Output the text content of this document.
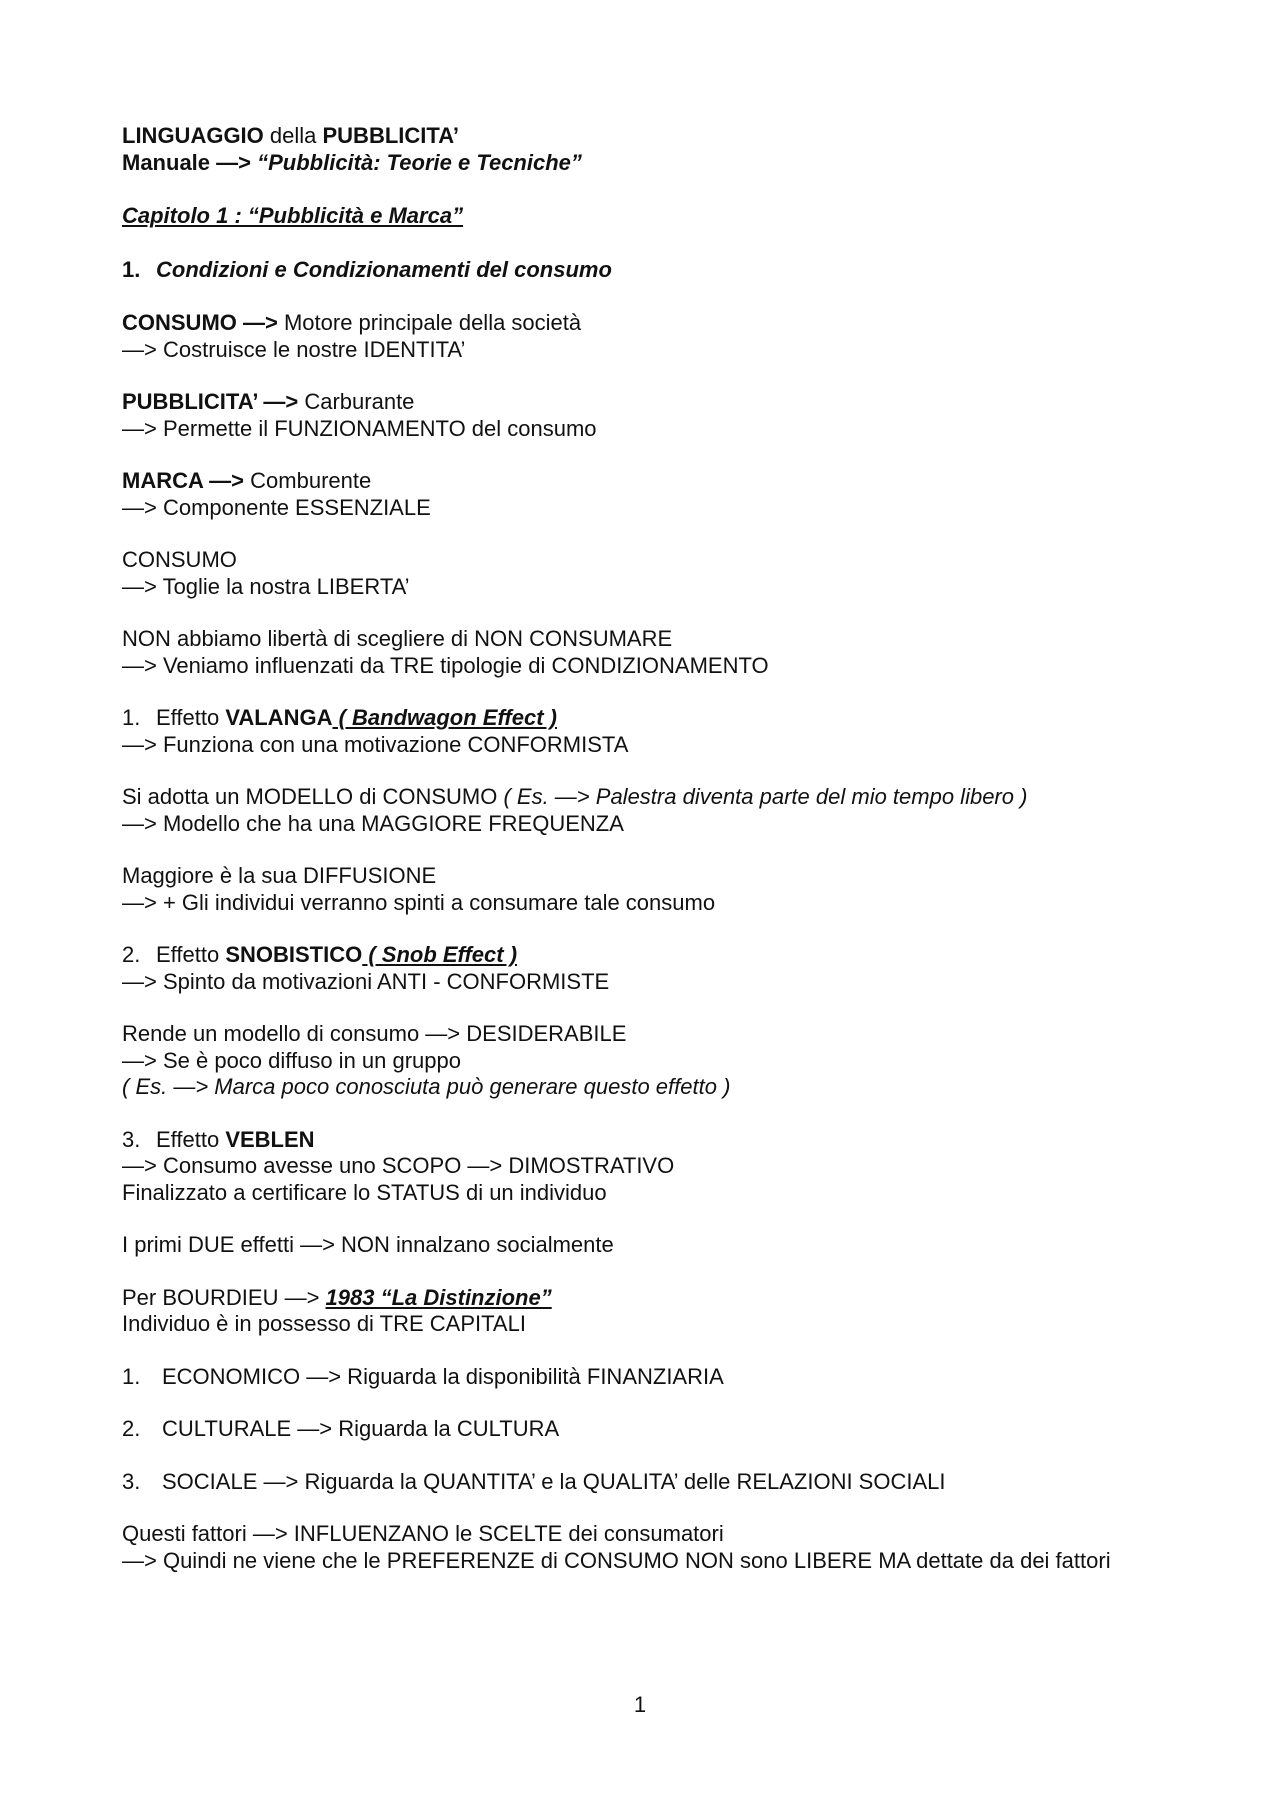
LINGUAGGIO della PUBBLICITA’
Manuale —> “Pubblicità: Teorie e Tecniche”
Capitolo 1 : “Pubblicità e Marca”
1. Condizioni e Condizionamenti del consumo
CONSUMO —> Motore principale della società
—> Costruisce le nostre IDENTITA’
PUBBLICITA’ —> Carburante
—> Permette il FUNZIONAMENTO del consumo
MARCA —> Comburente
—> Componente ESSENZIALE
CONSUMO
—> Toglie la nostra LIBERTA’
NON abbiamo libertà di scegliere di NON CONSUMARE
—> Veniamo influenzati da TRE tipologie di CONDIZIONAMENTO
1. Effetto VALANGA ( Bandwagon Effect )
—> Funziona con una motivazione CONFORMISTA
Si adotta un MODELLO di CONSUMO ( Es. —> Palestra diventa parte del mio tempo libero )
—> Modello che ha una MAGGIORE FREQUENZA
Maggiore è la sua DIFFUSIONE
—> + Gli individui verranno spinti a consumare tale consumo
2. Effetto SNOBISTICO ( Snob Effect )
—> Spinto da motivazioni ANTI - CONFORMISTE
Rende un modello di consumo —> DESIDERABILE
—> Se è poco diffuso in un gruppo
( Es. —> Marca poco conosciuta può generare questo effetto )
3. Effetto VEBLEN
—> Consumo avesse uno SCOPO —> DIMOSTRATIVO
Finalizzato a certificare lo STATUS di un individuo
I primi DUE effetti —> NON innalzano socialmente
Per BOURDIEU —> 1983 “La Distinzione”
Individuo è in possesso di TRE CAPITALI
1. ECONOMICO —> Riguarda la disponibilità FINANZIARIA
2. CULTURALE —> Riguarda la CULTURA
3. SOCIALE —> Riguarda la QUANTITA’ e la QUALITA’ delle RELAZIONI SOCIALI
Questi fattori —> INFLUENZANO le SCELTE dei consumatori
—> Quindi ne viene che le PREFERENZE di CONSUMO NON sono LIBERE MA dettate da dei fattori
1
